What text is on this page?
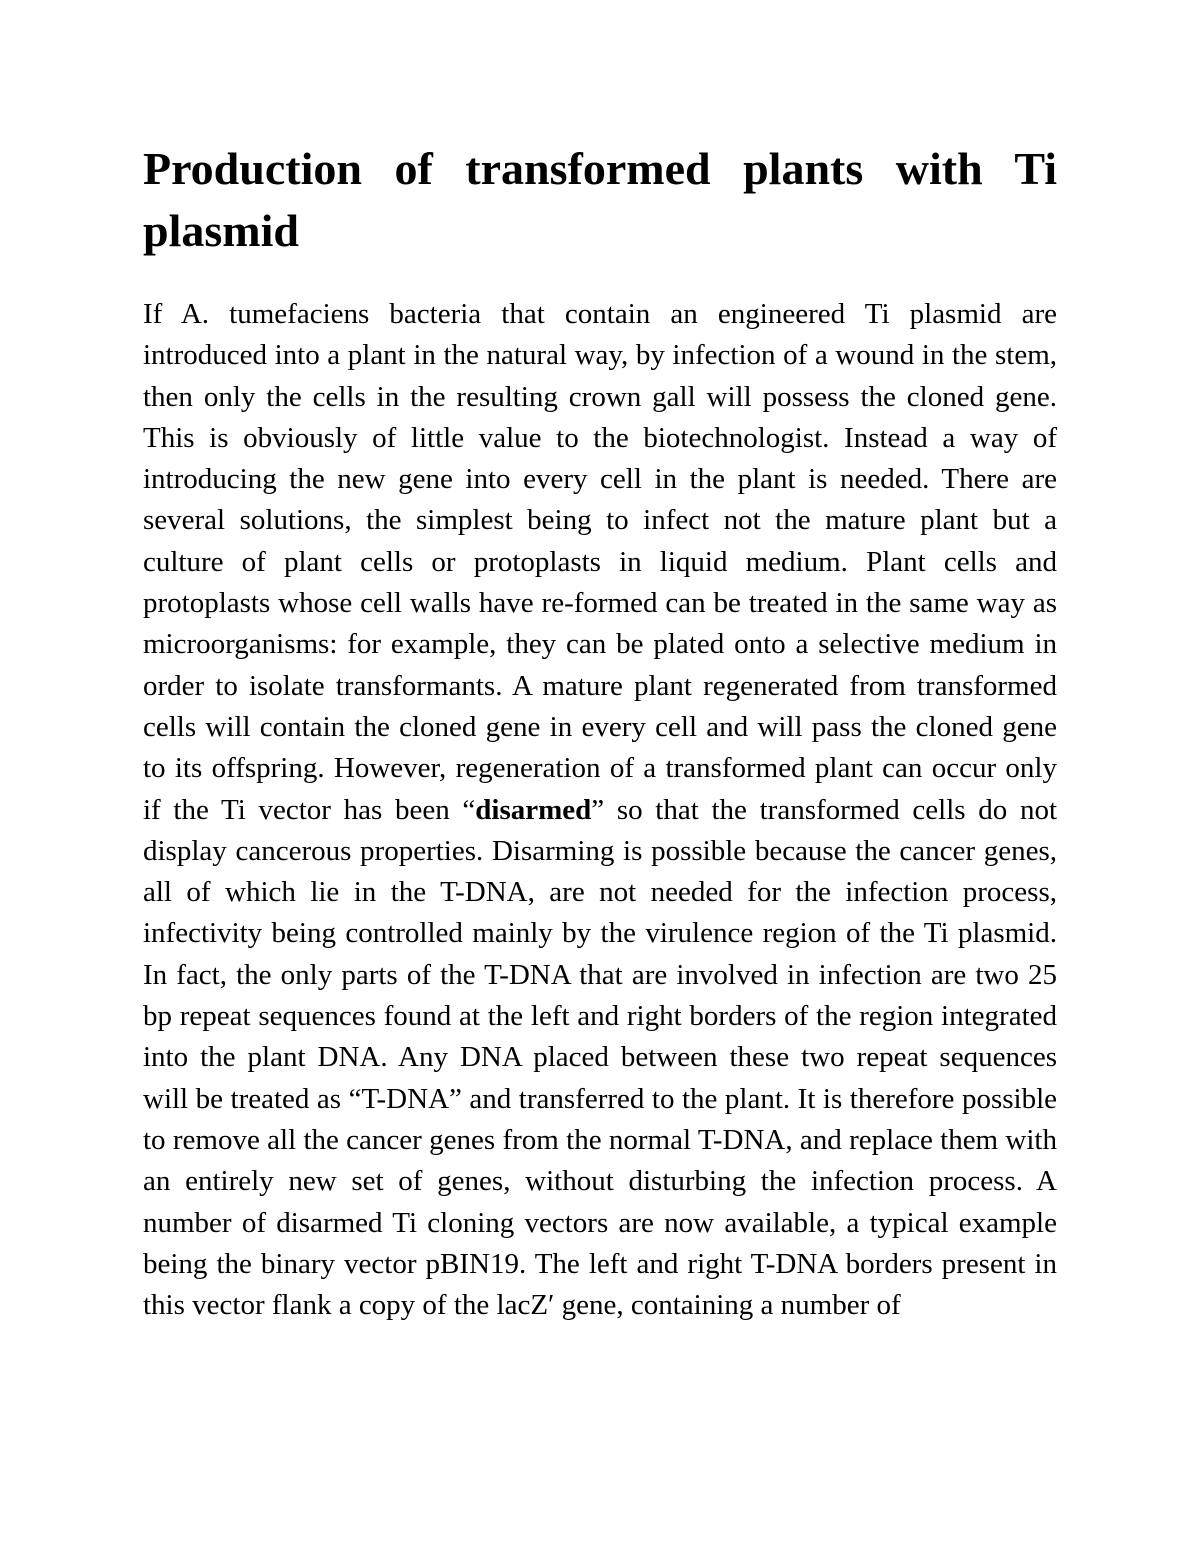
Production of transformed plants with Ti plasmid

If A. tumefaciens bacteria that contain an engineered Ti plasmid are introduced into a plant in the natural way, by infection of a wound in the stem, then only the cells in the resulting crown gall will possess the cloned gene. This is obviously of little value to the biotechnologist. Instead a way of introducing the new gene into every cell in the plant is needed. There are several solutions, the simplest being to infect not the mature plant but a culture of plant cells or protoplasts in liquid medium. Plant cells and protoplasts whose cell walls have re-formed can be treated in the same way as microorganisms: for example, they can be plated onto a selective medium in order to isolate transformants. A mature plant regenerated from transformed cells will contain the cloned gene in every cell and will pass the cloned gene to its offspring. However, regeneration of a transformed plant can occur only if the Ti vector has been “disarmed” so that the transformed cells do not display cancerous properties. Disarming is possible because the cancer genes, all of which lie in the T-DNA, are not needed for the infection process, infectivity being controlled mainly by the virulence region of the Ti plasmid. In fact, the only parts of the T-DNA that are involved in infection are two 25 bp repeat sequences found at the left and right borders of the region integrated into the plant DNA. Any DNA placed between these two repeat sequences will be treated as “T-DNA” and transferred to the plant. It is therefore possible to remove all the cancer genes from the normal T-DNA, and replace them with an entirely new set of genes, without disturbing the infection process. A number of disarmed Ti cloning vectors are now available, a typical example being the binary vector pBIN19. The left and right T-DNA borders present in this vector flank a copy of the lacZ′ gene, containing a number of
